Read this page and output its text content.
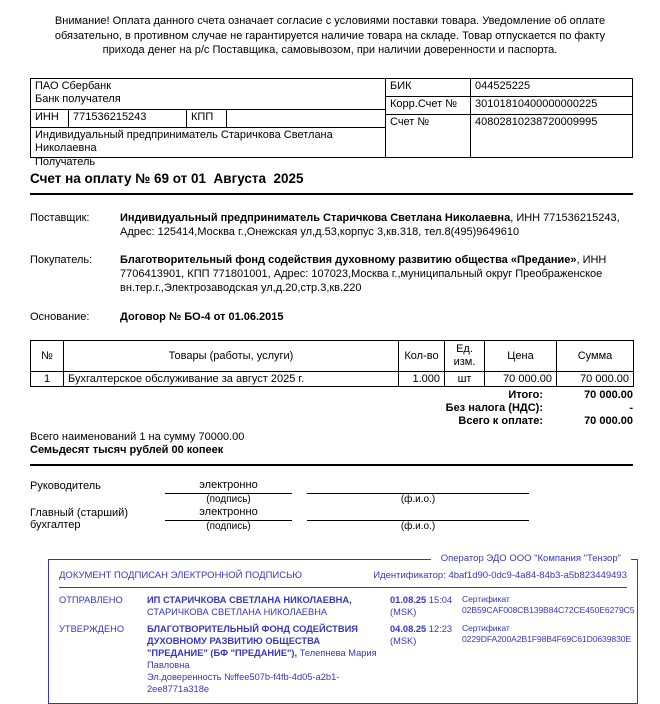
Внимание! Оплата данного счета означает согласие с условиями поставки товара. Уведомление об оплате обязательно, в противном случае не гарантируется наличие товара на складе. Товар отпускается по факту прихода денег на р/с Поставщика, самовывозом, при наличии доверенности и паспорта.

ПАО Сбербанк
Банк получателя
ИНН	771536215243	КПП
Индивидуальный предприниматель Старичкова Светлана Николаевна
Получатель
БИК	044525225
Корр.Счет №	30101810400000000225
Счет №	40802810238720009995
Счет на оплату № 69 от 01  Августа  2025
Поставщик:	Индивидуальный предприниматель Старичкова Светлана Николаевна, ИНН 771536215243, Адрес: 125414,Москва г.,Онежская ул,д.53,корпус 3,кв.318, тел.8(495)9649610
Покупатель:	Благотворительный фонд содействия духовному развитию общества «Предание», ИНН 7706413901, КПП 771801001, Адрес: 107023,Москва г.,муниципальный округ Преображенское вн.тер.г.,Электрозаводская ул,д.20,стр.3,кв.220
Основание:	Договор № БО-4 от 01.06.2015
№	Товары (работы, услуги)	Кол-во	Ед. изм.	Цена	Сумма
1	Бухгалтерское обслуживание за август 2025 г.	1.000	шт	70 000.00	70 000.00
Итого:	70 000.00
Без налога (НДС):	-
Всего к оплате:	70 000.00
Всего наименований 1 на сумму 70000.00
Семьдесят тысяч рублей 00 копеек
Руководитель	электронно
(подпись)	(ф.и.о.)
Главный (старший) бухгалтер
электронно
(подпись)	(ф.и.о.)
Оператор ЭДО ООО "Компания "Тензор"
ДОКУМЕНТ ПОДПИСАН ЭЛЕКТРОННОЙ ПОДПИСЬЮ	Идентификатор: 4baf1d90-0dc9-4a84-84b3-a5b823449493
ОТПРАВЛЕНО	ИП СТАРИЧКОВА СВЕТЛАНА НИКОЛАЕВНА, СТАРИЧКОВА СВЕТЛАНА НИКОЛАЕВНА
01.08.25 15:04
(MSK)
Сертификат 02B59CAF008CB139B84C72CE450E6279C5
УТВЕРЖДЕНО	БЛАГОТВОРИТЕЛЬНЫЙ ФОНД СОДЕЙСТВИЯ ДУХОВНОМУ РАЗВИТИЮ ОБЩЕСТВА "ПРЕДАНИЕ" (БФ "ПРЕДАНИЕ"), Телепнева Мария Павловна
Эл.доверенность №ffee507b-f4fb-4d05-a2b1-2ee8771a318e
04.08.25 12:23
(MSK)
Сертификат 0229DFA200A2B1F98B4F69C61D0639830E
